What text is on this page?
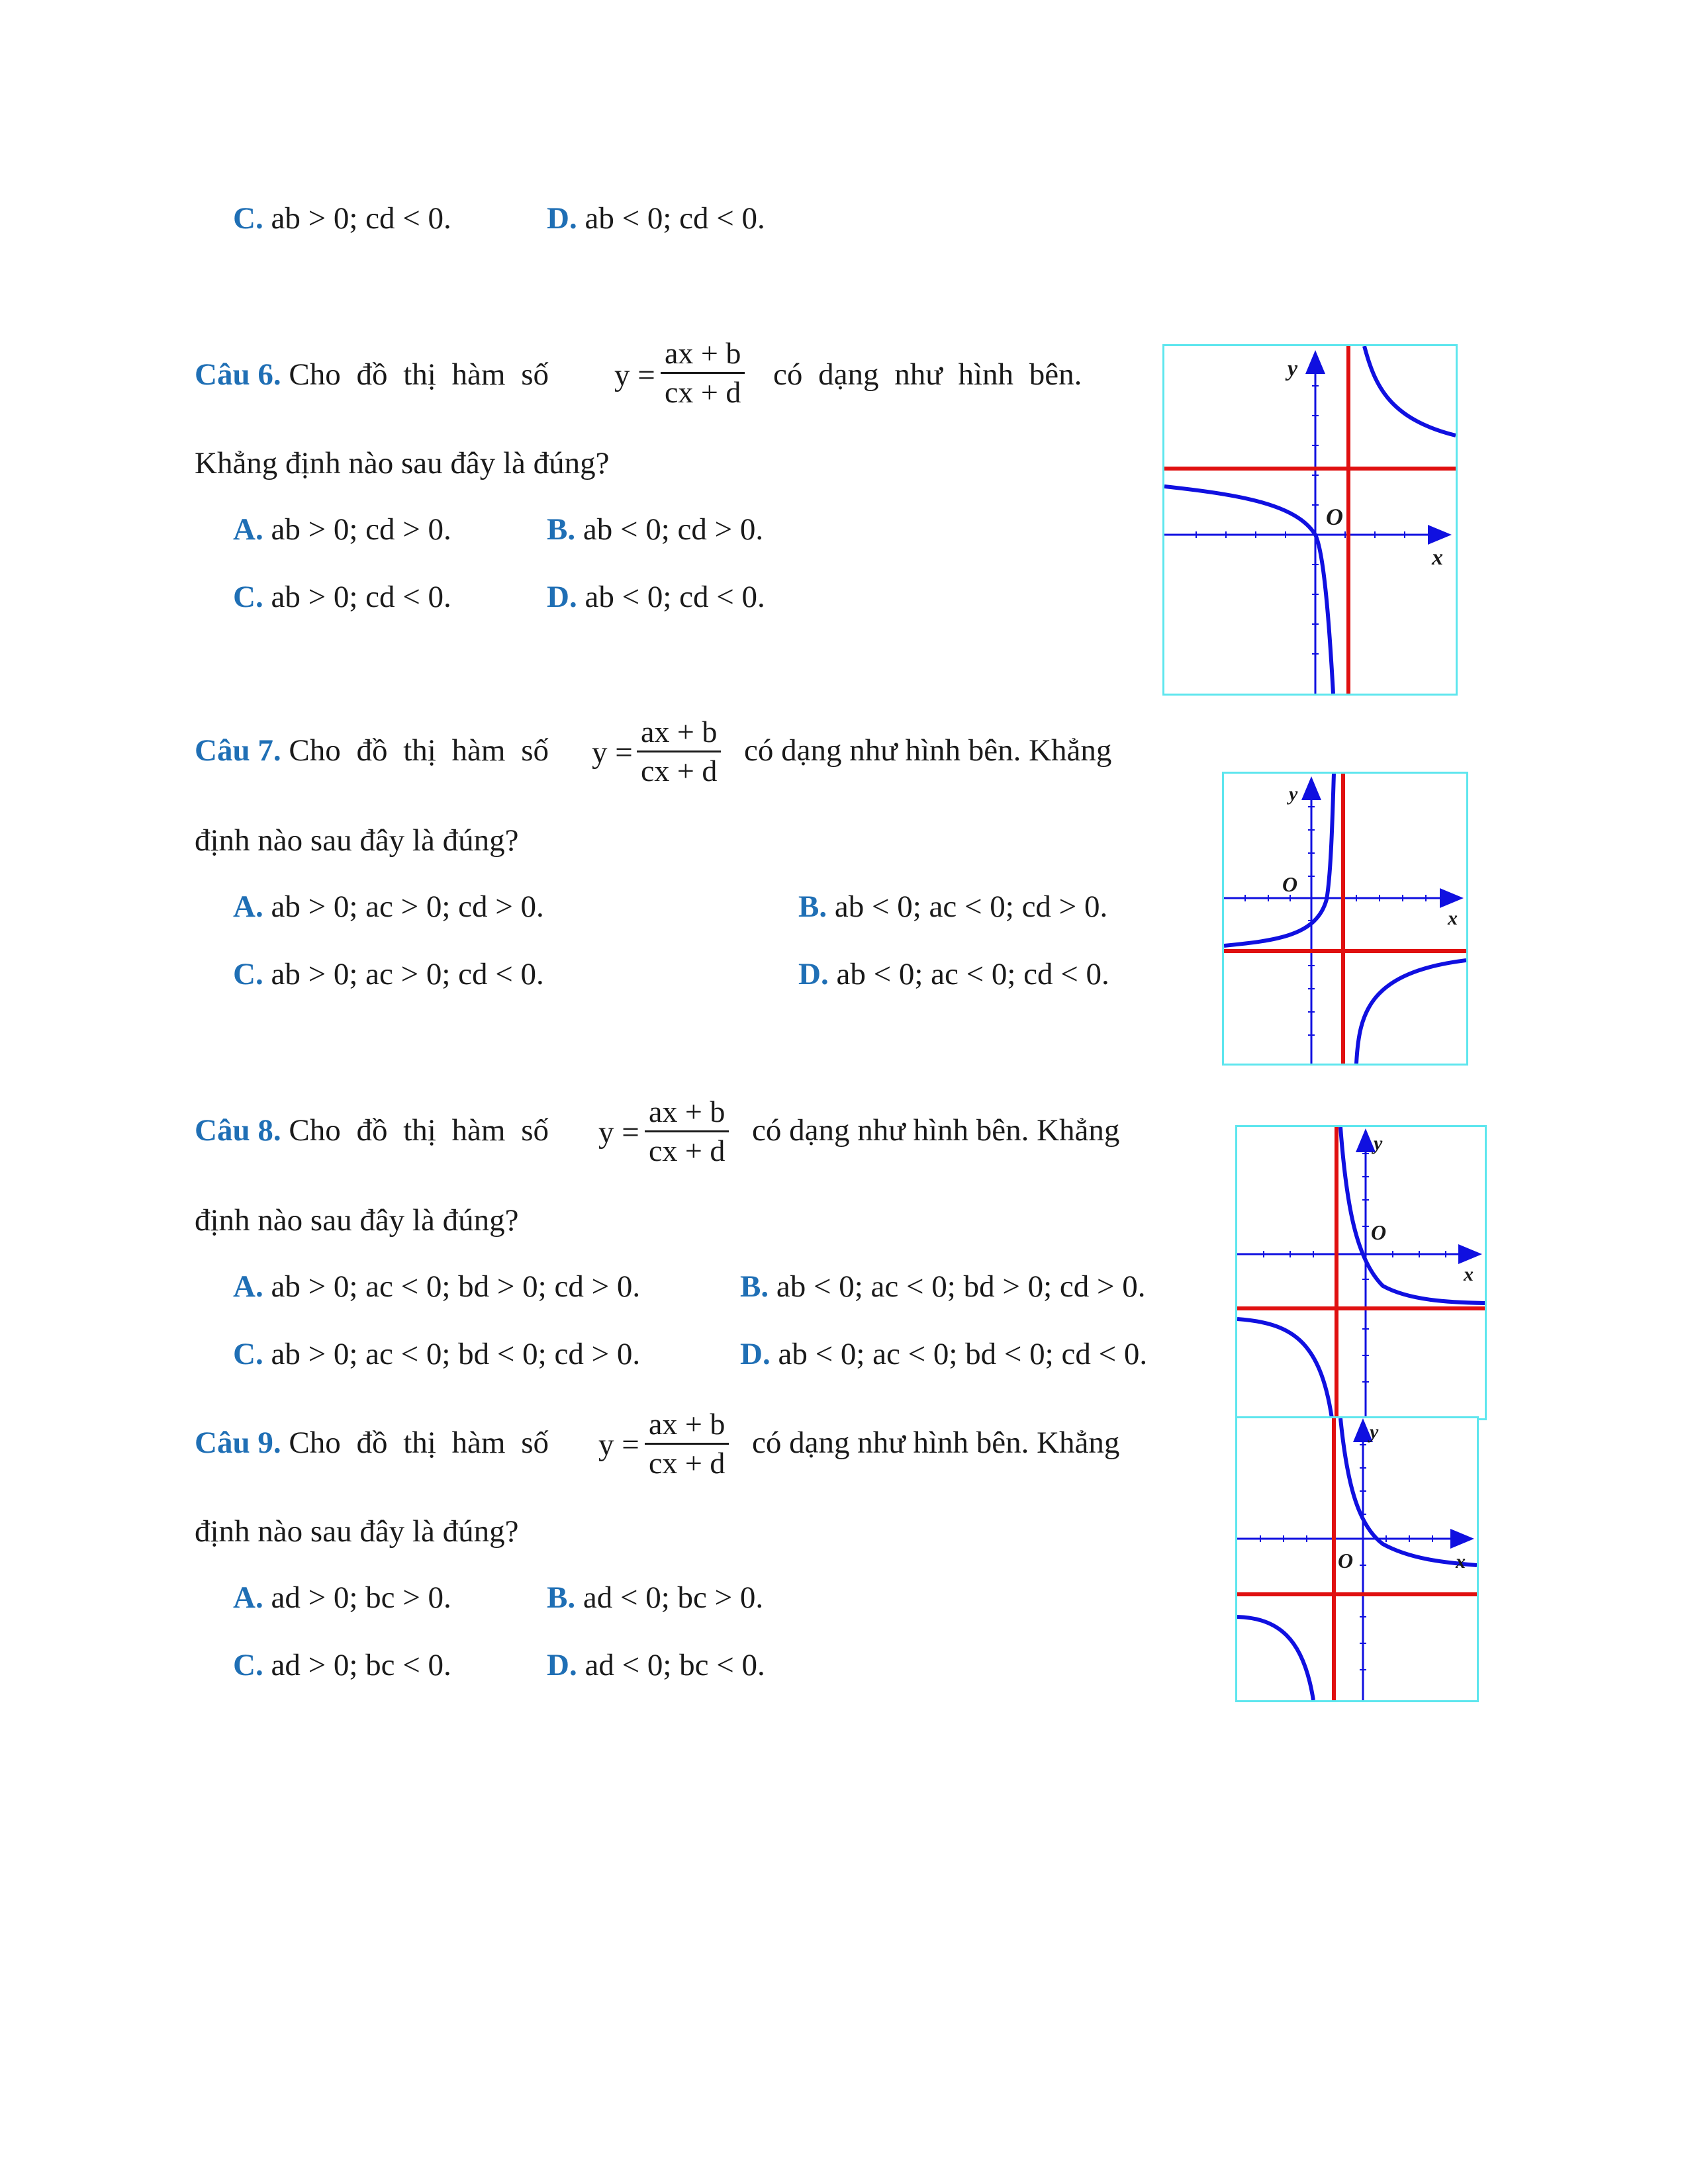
C. ab > 0; cd < 0.	D. ab < 0; cd < 0.
Câu 6. Cho đồ thị hàm số $y = \frac{ax + b}{cx + d}$ có dạng như hình bên.
Khẳng định nào sau đây là đúng?
A. ab > 0; cd > 0.	B. ab < 0; cd > 0.
C. ab > 0; cd < 0.	D. ab < 0; cd < 0.
y
x
O
Câu 7. Cho đồ thị hàm số $y = \frac{ax + b}{cx + d}$ có dạng như hình bên. Khẳng
định nào sau đây là đúng?
A. ab > 0; ac > 0; cd > 0.	B. ab < 0; ac < 0; cd > 0.
C. ab > 0; ac > 0; cd < 0.	D. ab < 0; ac < 0; cd < 0.
y
x
O
Câu 8. Cho đồ thị hàm số $y = \frac{ax + b}{cx + d}$ có dạng như hình bên. Khẳng
định nào sau đây là đúng?
A. ab > 0; ac < 0; bd > 0; cd > 0.	B. ab < 0; ac < 0; bd > 0; cd > 0.
C. ab > 0; ac < 0; bd < 0; cd > 0.	D. ab < 0; ac < 0; bd < 0; cd < 0.
y
x
O
Câu 9. Cho đồ thị hàm số $y = \frac{ax + b}{cx + d}$ có dạng như hình bên. Khẳng
định nào sau đây là đúng?
A. ad > 0; bc > 0.	B. ad < 0; bc > 0.
C. ad > 0; bc < 0.	D. ad < 0; bc < 0.
y
x
O
